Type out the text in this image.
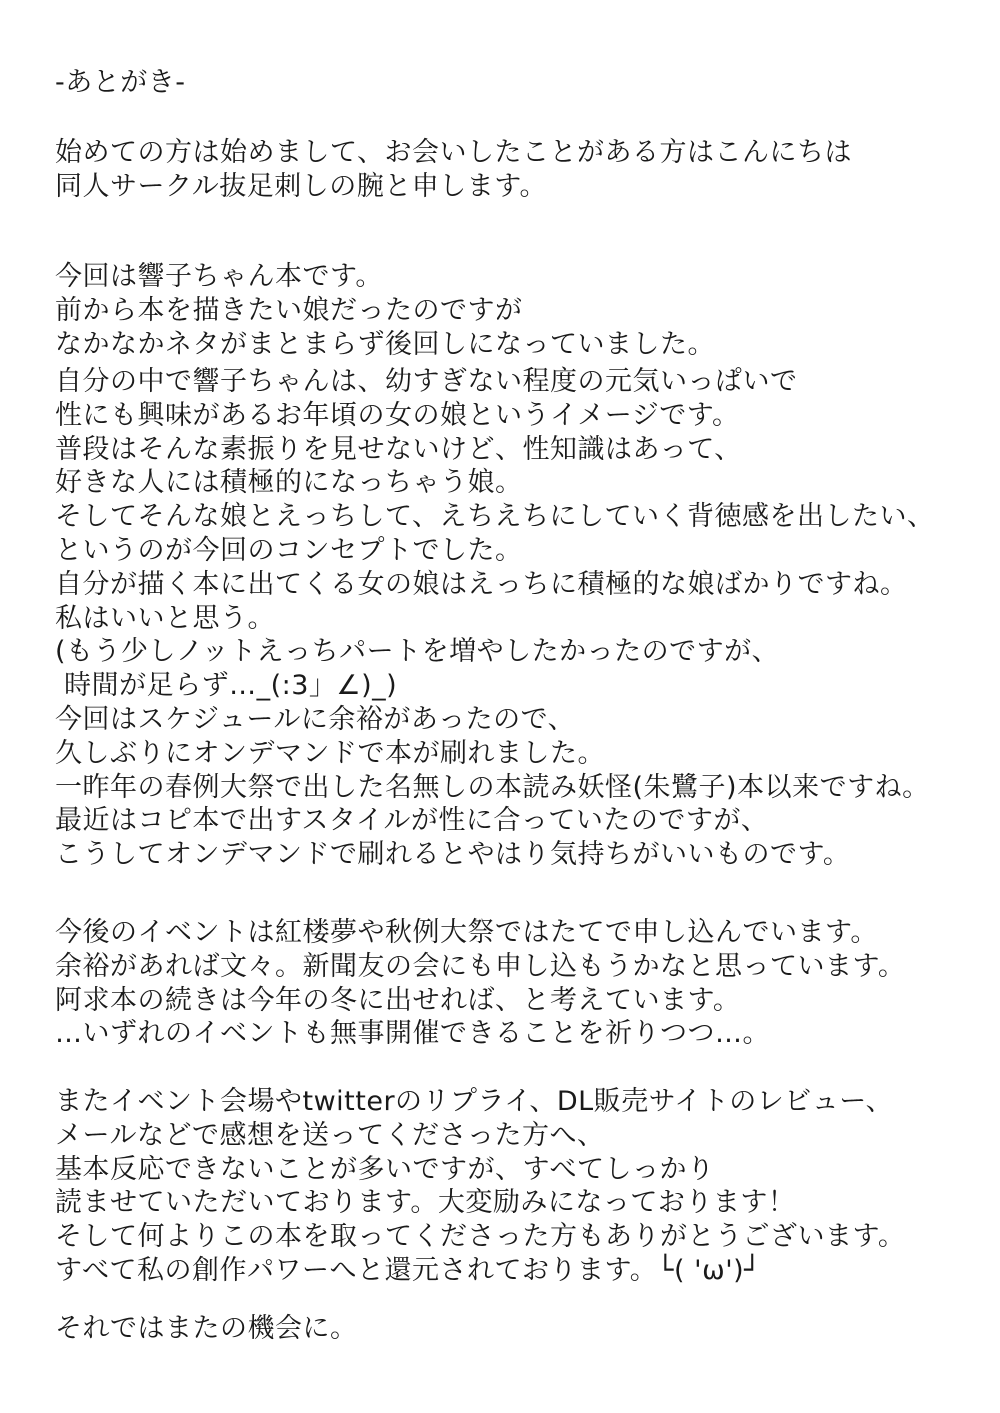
-あとがき-
始めての方は始めまして、お会いしたことがある方はこんにちは
同人サークル抜足刺しの腕と申します。
今回は響子ちゃん本です。
前から本を描きたい娘だったのですが
なかなかネタがまとまらず後回しになっていました。
自分の中で響子ちゃんは、幼すぎない程度の元気いっぱいで
性にも興味があるお年頃の女の娘というイメージです。
普段はそんな素振りを見せないけど、性知識はあって、
好きな人には積極的になっちゃう娘。
そしてそんな娘とえっちして、えちえちにしていく背徳感を出したい、
というのが今回のコンセプトでした。
自分が描く本に出てくる女の娘はえっちに積極的な娘ばかりですね。
私はいいと思う。
(もう少しノットえっちパートを増やしたかったのですが、
時間が足らず…_(:3」∠)_)
今回はスケジュールに余裕があったので、
久しぶりにオンデマンドで本が刷れました。
一昨年の春例大祭で出した名無しの本読み妖怪(朱鷺子)本以来ですね。
最近はコピ本で出すスタイルが性に合っていたのですが、
こうしてオンデマンドで刷れるとやはり気持ちがいいものです。
今後のイベントは紅楼夢や秋例大祭ではたてで申し込んでいます。
余裕があれば文々。新聞友の会にも申し込もうかなと思っています。
阿求本の続きは今年の冬に出せれば、と考えています。
…いずれのイベントも無事開催できることを祈りつつ…。
またイベント会場やtwitterのリプライ、DL販売サイトのレビュー、
メールなどで感想を送ってくださった方へ、
基本反応できないことが多いですが、すべてしっかり
読ませていただいております。大変励みになっております！
そして何よりこの本を取ってくださった方もありがとうございます。
すべて私の創作パワーへと還元されております。└( 'ω')┘
それではまたの機会に。
